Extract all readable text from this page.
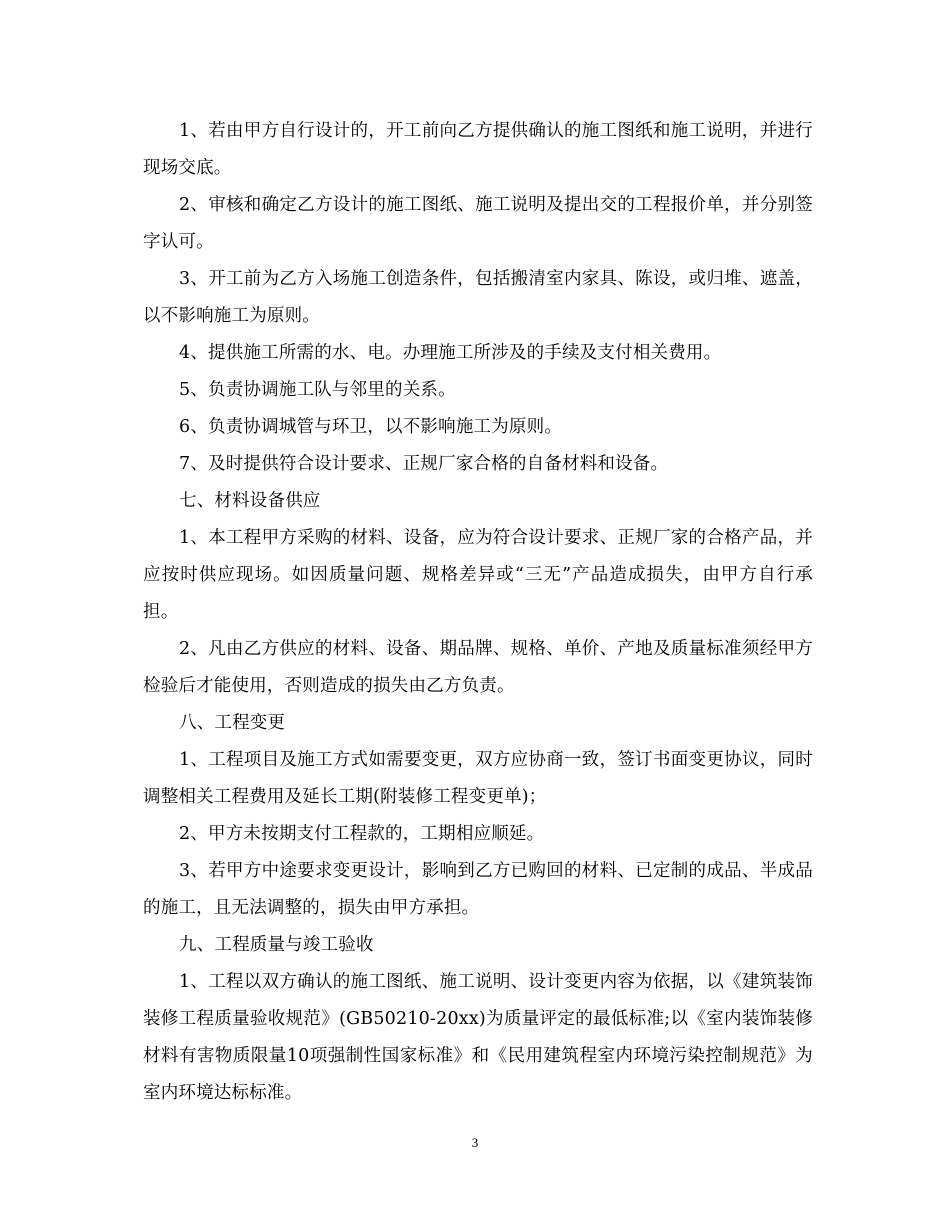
1、若由甲方自行设计的，开工前向乙方提供确认的施工图纸和施工说明，并进行现场交底。

2、审核和确定乙方设计的施工图纸、施工说明及提出交的工程报价单，并分别签字认可。

3、开工前为乙方入场施工创造条件，包括搬清室内家具、陈设，或归堆、遮盖，以不影响施工为原则。

4、提供施工所需的水、电。办理施工所涉及的手续及支付相关费用。

5、负责协调施工队与邻里的关系。

6、负责协调城管与环卫，以不影响施工为原则。

7、及时提供符合设计要求、正规厂家合格的自备材料和设备。

七、材料设备供应

1、本工程甲方采购的材料、设备，应为符合设计要求、正规厂家的合格产品，并应按时供应现场。如因质量问题、规格差异或“三无”产品造成损失，由甲方自行承担。

2、凡由乙方供应的材料、设备、期品牌、规格、单价、产地及质量标准须经甲方检验后才能使用，否则造成的损失由乙方负责。

八、工程变更

1、工程项目及施工方式如需要变更，双方应协商一致，签订书面变更协议，同时调整相关工程费用及延长工期(附装修工程变更单)；

2、甲方未按期支付工程款的，工期相应顺延。

3、若甲方中途要求变更设计，影响到乙方已购回的材料、已定制的成品、半成品的施工，且无法调整的，损失由甲方承担。

九、工程质量与竣工验收

1、工程以双方确认的施工图纸、施工说明、设计变更内容为依据，以《建筑装饰装修工程质量验收规范》(GB50210-20xx)为质量评定的最低标准;以《室内装饰装修材料有害物质限量10项强制性国家标准》和《民用建筑程室内环境污染控制规范》为室内环境达标标准。

3
